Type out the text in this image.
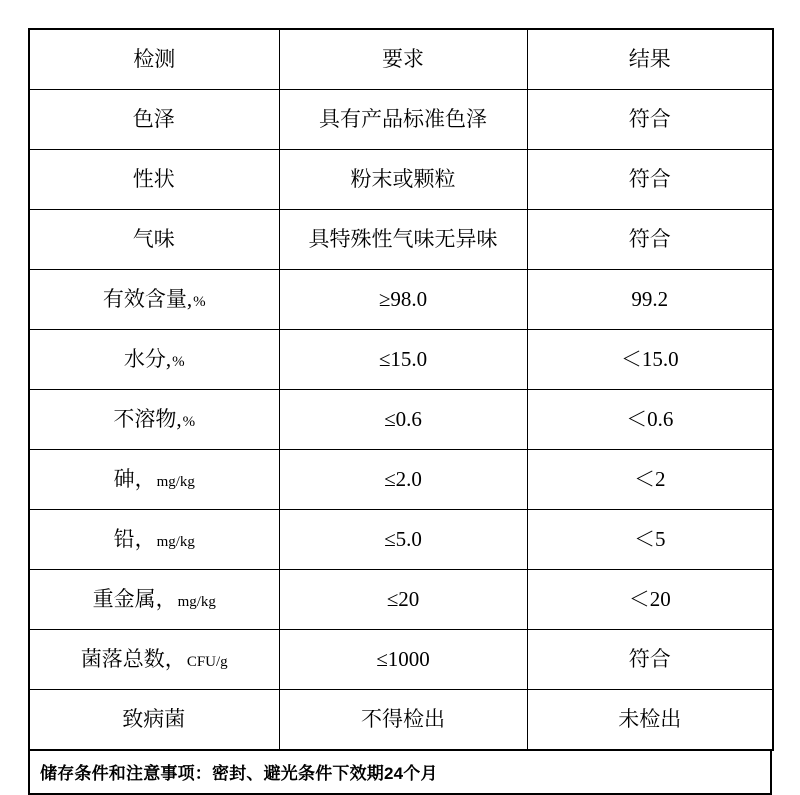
检测	要求	结果

色泽	具有产品标准色泽	符合

性状	粉末或颗粒	符合

气味	具特殊性气味无异味	符合

有效含量, %	≥98.0	99.2

水分, %	≤15.0	＜15.0

不溶物, %	≤0.6	＜0.6

砷， mg/kg	≤2.0	＜2

铅， mg/kg	≤5.0	＜5

重金属， mg/kg	≤20	＜20

菌落总数， CFU/g	≤1000	符合

致病菌	不得检出	未检出
储存条件和注意事项：密封、避光条件下效期24个月
